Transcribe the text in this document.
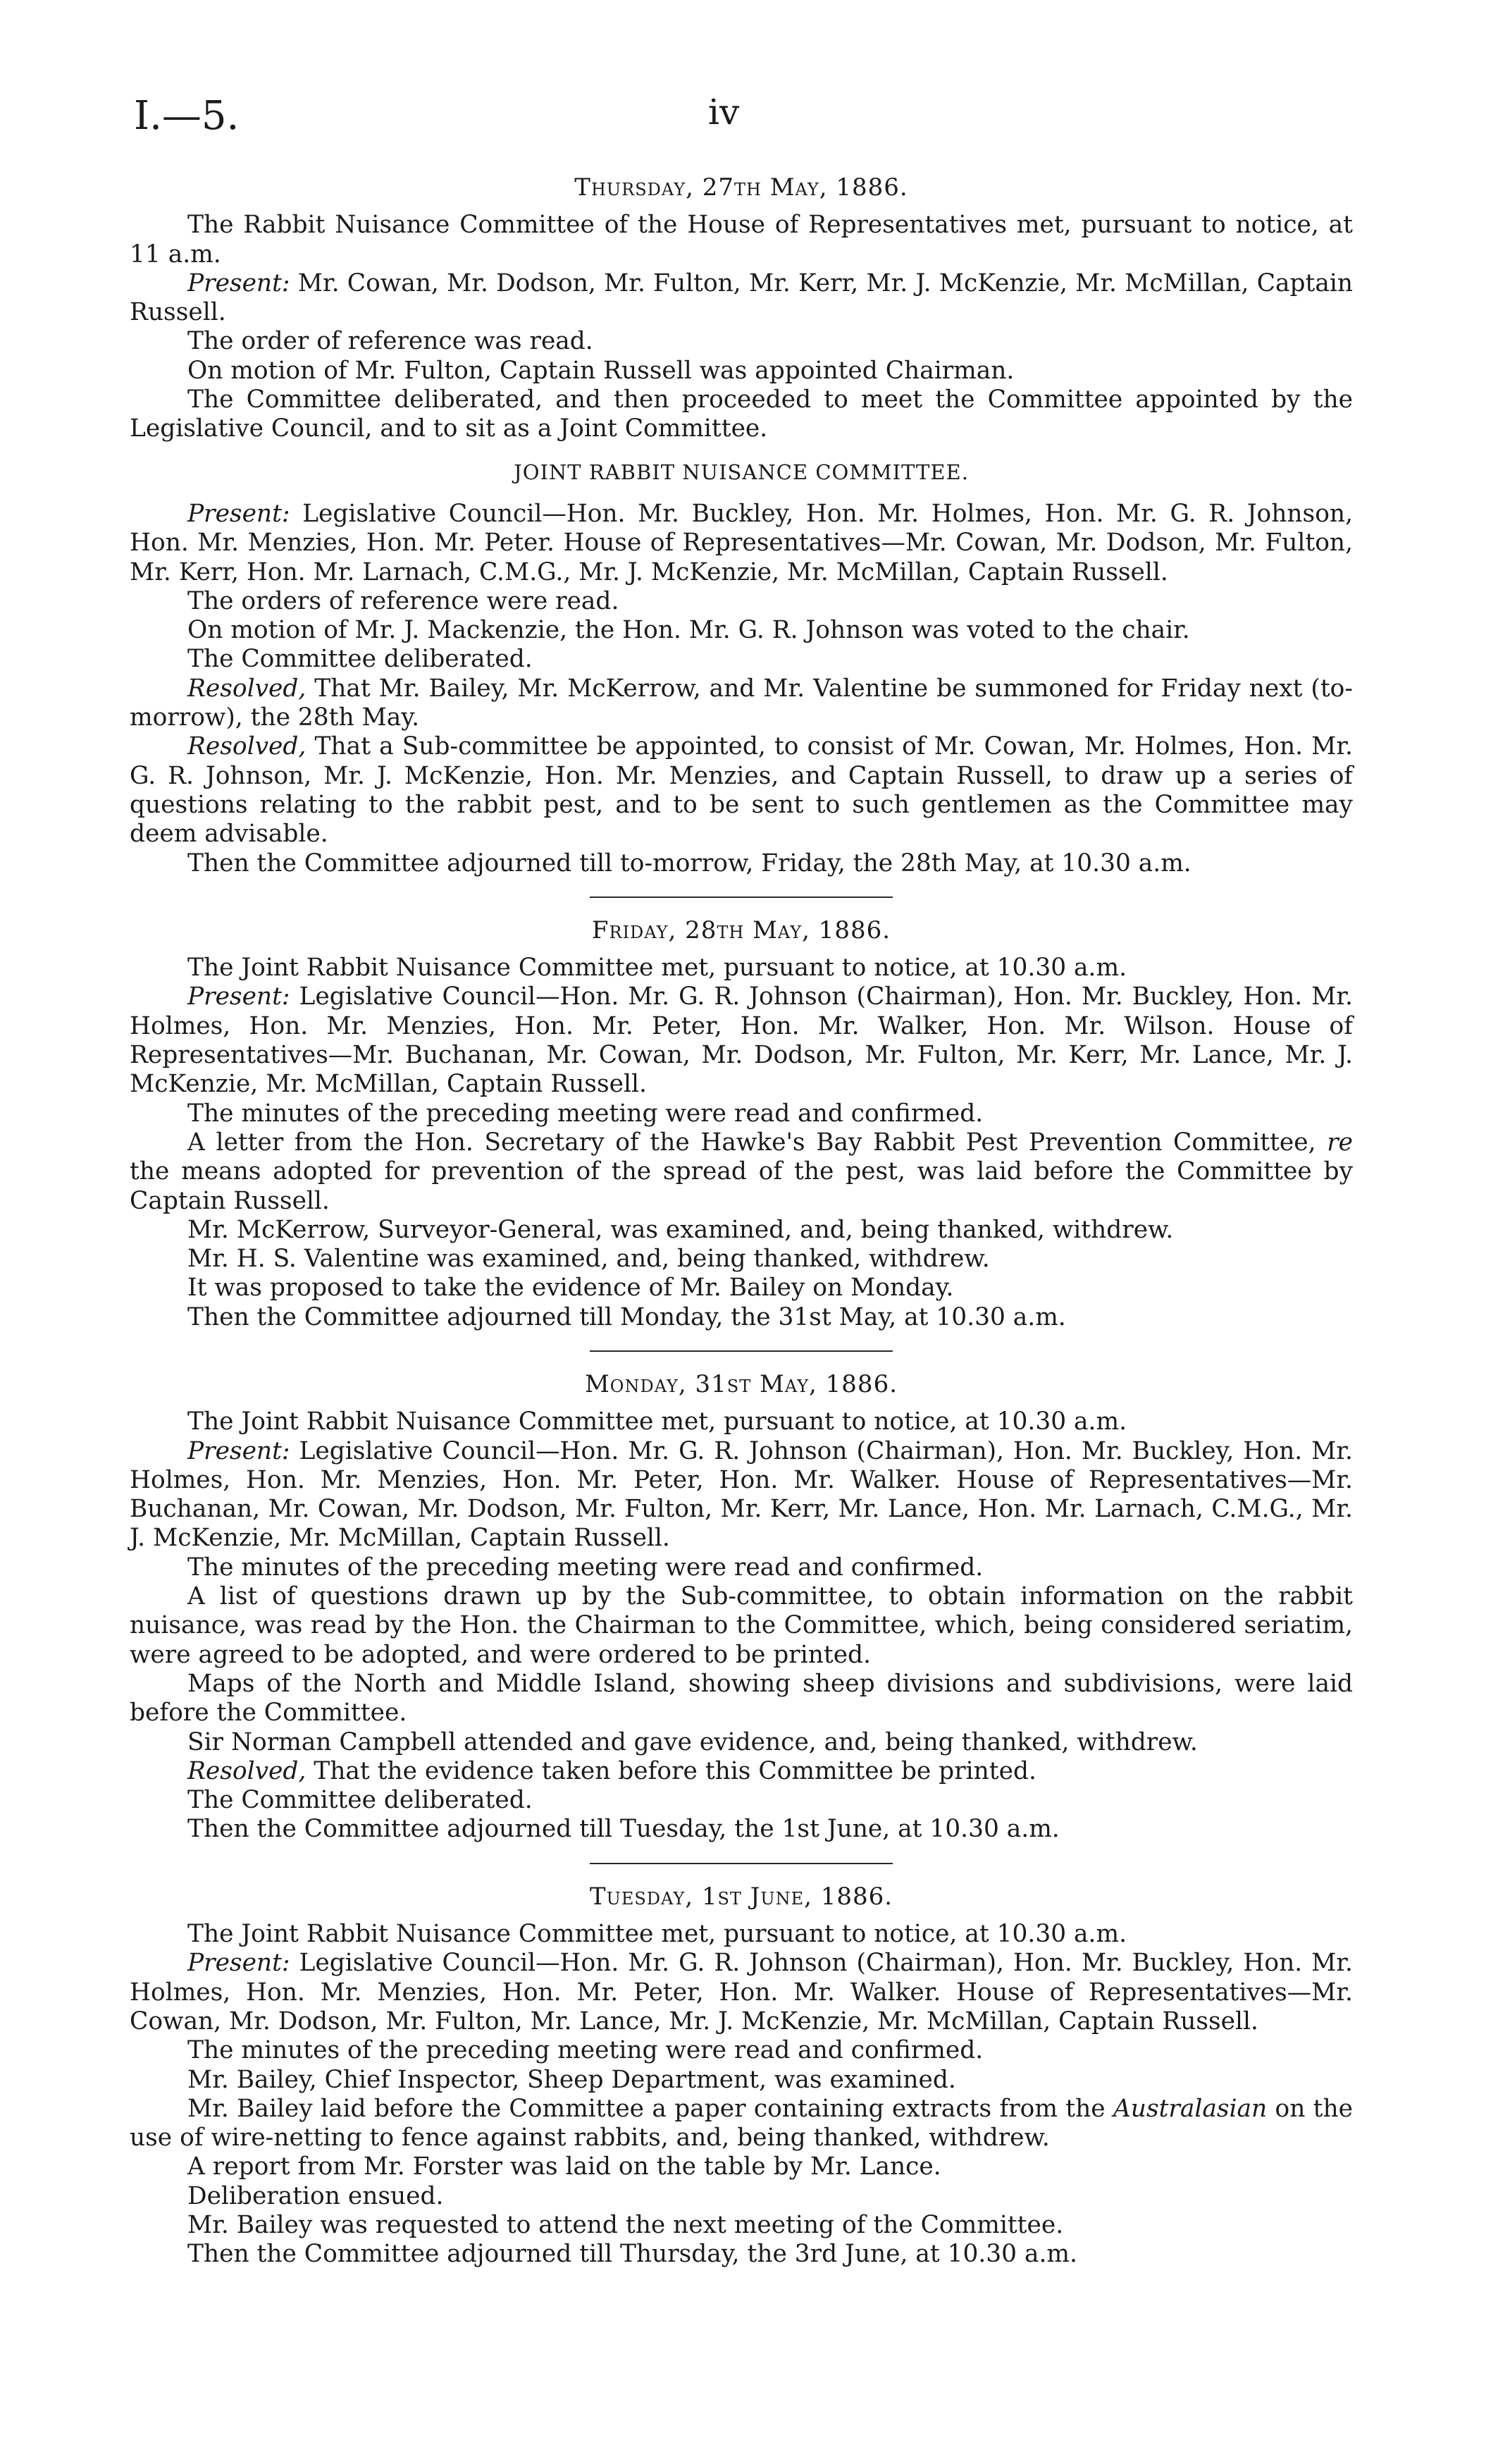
I.—5.	iv
Thursday, 27th May, 1886.

The Rabbit Nuisance Committee of the House of Representatives met, pursuant to notice, at 11 a.m.

Present: Mr. Cowan, Mr. Dodson, Mr. Fulton, Mr. Kerr, Mr. J. McKenzie, Mr. McMillan, Captain Russell.

The order of reference was read.

On motion of Mr. Fulton, Captain Russell was appointed Chairman.

The Committee deliberated, and then proceeded to meet the Committee appointed by the Legislative Council, and to sit as a Joint Committee.

JOINT RABBIT NUISANCE COMMITTEE.

Present: Legislative Council—Hon. Mr. Buckley, Hon. Mr. Holmes, Hon. Mr. G. R. Johnson, Hon. Mr. Menzies, Hon. Mr. Peter. House of Representatives—Mr. Cowan, Mr. Dodson, Mr. Fulton, Mr. Kerr, Hon. Mr. Larnach, C.M.G., Mr. J. McKenzie, Mr. McMillan, Captain Russell.

The orders of reference were read.

On motion of Mr. J. Mackenzie, the Hon. Mr. G. R. Johnson was voted to the chair.

The Committee deliberated.

Resolved, That Mr. Bailey, Mr. McKerrow, and Mr. Valentine be summoned for Friday next (to-morrow), the 28th May.

Resolved, That a Sub-committee be appointed, to consist of Mr. Cowan, Mr. Holmes, Hon. Mr. G. R. Johnson, Mr. J. McKenzie, Hon. Mr. Menzies, and Captain Russell, to draw up a series of questions relating to the rabbit pest, and to be sent to such gentlemen as the Committee may deem advisable.

Then the Committee adjourned till to-morrow, Friday, the 28th May, at 10.30 a.m.

Friday, 28th May, 1886.

The Joint Rabbit Nuisance Committee met, pursuant to notice, at 10.30 a.m.

Present: Legislative Council—Hon. Mr. G. R. Johnson (Chairman), Hon. Mr. Buckley, Hon. Mr. Holmes, Hon. Mr. Menzies, Hon. Mr. Peter, Hon. Mr. Walker, Hon. Mr. Wilson. House of Representatives—Mr. Buchanan, Mr. Cowan, Mr. Dodson, Mr. Fulton, Mr. Kerr, Mr. Lance, Mr. J. McKenzie, Mr. McMillan, Captain Russell.

The minutes of the preceding meeting were read and confirmed.

A letter from the Hon. Secretary of the Hawke's Bay Rabbit Pest Prevention Committee, re the means adopted for prevention of the spread of the pest, was laid before the Committee by Captain Russell.

Mr. McKerrow, Surveyor-General, was examined, and, being thanked, withdrew.

Mr. H. S. Valentine was examined, and, being thanked, withdrew.

It was proposed to take the evidence of Mr. Bailey on Monday.

Then the Committee adjourned till Monday, the 31st May, at 10.30 a.m.

Monday, 31st May, 1886.

The Joint Rabbit Nuisance Committee met, pursuant to notice, at 10.30 a.m.

Present: Legislative Council—Hon. Mr. G. R. Johnson (Chairman), Hon. Mr. Buckley, Hon. Mr. Holmes, Hon. Mr. Menzies, Hon. Mr. Peter, Hon. Mr. Walker. House of Representatives—Mr. Buchanan, Mr. Cowan, Mr. Dodson, Mr. Fulton, Mr. Kerr, Mr. Lance, Hon. Mr. Larnach, C.M.G., Mr. J. McKenzie, Mr. McMillan, Captain Russell.

The minutes of the preceding meeting were read and confirmed.

A list of questions drawn up by the Sub-committee, to obtain information on the rabbit nuisance, was read by the Hon. the Chairman to the Committee, which, being considered seriatim, were agreed to be adopted, and were ordered to be printed.

Maps of the North and Middle Island, showing sheep divisions and subdivisions, were laid before the Committee.

Sir Norman Campbell attended and gave evidence, and, being thanked, withdrew.

Resolved, That the evidence taken before this Committee be printed.

The Committee deliberated.

Then the Committee adjourned till Tuesday, the 1st June, at 10.30 a.m.

Tuesday, 1st June, 1886.

The Joint Rabbit Nuisance Committee met, pursuant to notice, at 10.30 a.m.

Present: Legislative Council—Hon. Mr. G. R. Johnson (Chairman), Hon. Mr. Buckley, Hon. Mr. Holmes, Hon. Mr. Menzies, Hon. Mr. Peter, Hon. Mr. Walker. House of Representatives—Mr. Cowan, Mr. Dodson, Mr. Fulton, Mr. Lance, Mr. J. McKenzie, Mr. McMillan, Captain Russell.

The minutes of the preceding meeting were read and confirmed.

Mr. Bailey, Chief Inspector, Sheep Department, was examined.

Mr. Bailey laid before the Committee a paper containing extracts from the Australasian on the use of wire-netting to fence against rabbits, and, being thanked, withdrew.

A report from Mr. Forster was laid on the table by Mr. Lance.

Deliberation ensued.

Mr. Bailey was requested to attend the next meeting of the Committee.

Then the Committee adjourned till Thursday, the 3rd June, at 10.30 a.m.
